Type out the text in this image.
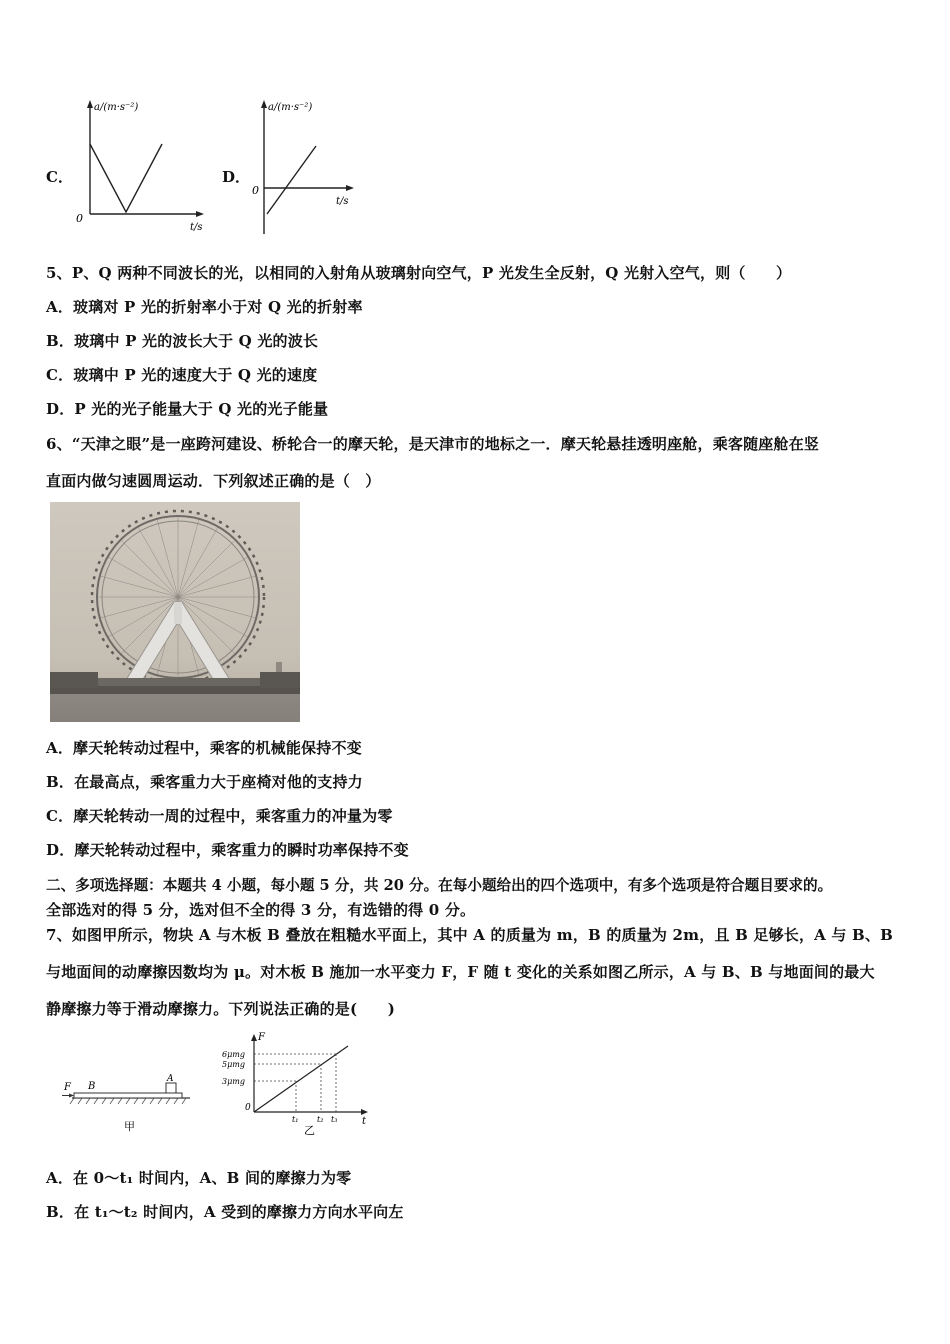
C．
a/(m·s⁻²)
0
t/s
D．
a/(m·s⁻²)
0
t/s
5、P、Q 两种不同波长的光，以相同的入射角从玻璃射向空气，P 光发生全反射，Q 光射入空气，则（　　）
A．玻璃对 P 光的折射率小于对 Q 光的折射率
B．玻璃中 P 光的波长大于 Q 光的波长
C．玻璃中 P 光的速度大于 Q 光的速度
D．P 光的光子能量大于 Q 光的光子能量
6、“天津之眼”是一座跨河建设、桥轮合一的摩天轮，是天津市的地标之一．摩天轮悬挂透明座舱，乘客随座舱在竖
直面内做匀速圆周运动．下列叙述正确的是（　）
A．摩天轮转动过程中，乘客的机械能保持不变
B．在最高点，乘客重力大于座椅对他的支持力
C．摩天轮转动一周的过程中，乘客重力的冲量为零
D．摩天轮转动过程中，乘客重力的瞬时功率保持不变
二、多项选择题：本题共 4 小题，每小题 5 分，共 20 分。在每小题给出的四个选项中，有多个选项是符合题目要求的。
全部选对的得 5 分，选对但不全的得 3 分，有选错的得 0 分。
7、如图甲所示，物块 A 与木板 B 叠放在粗糙水平面上，其中 A 的质量为 m，B 的质量为 2m，且 B 足够长，A 与 B、B
与地面间的动摩擦因数均为 μ。对木板 B 施加一水平变力 F，F 随 t 变化的关系如图乙所示，A 与 B、B 与地面间的最大
静摩擦力等于滑动摩擦力。下列说法正确的是(　　)
F B
A
甲
F
6μmg
5μmg
3μmg
0
t₁ t₂ t₃ t
乙
A．在 0～t₁ 时间内，A、B 间的摩擦力为零
B．在 t₁～t₂ 时间内，A 受到的摩擦力方向水平向左
